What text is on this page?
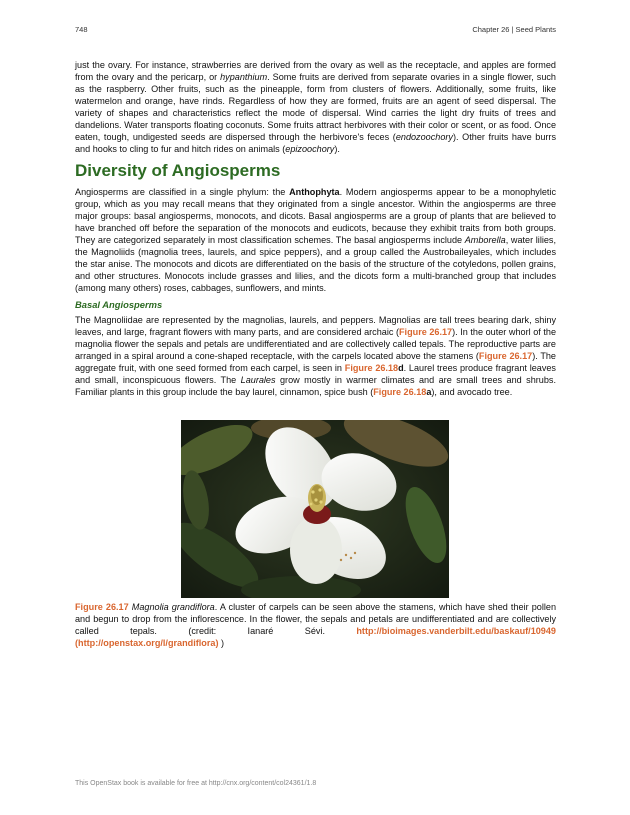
748	Chapter 26 | Seed Plants

just the ovary. For instance, strawberries are derived from the ovary as well as the receptacle, and apples are formed from the ovary and the pericarp, or hypanthium. Some fruits are derived from separate ovaries in a single flower, such as the raspberry. Other fruits, such as the pineapple, form from clusters of flowers. Additionally, some fruits, like watermelon and orange, have rinds. Regardless of how they are formed, fruits are an agent of seed dispersal. The variety of shapes and characteristics reflect the mode of dispersal. Wind carries the light dry fruits of trees and dandelions. Water transports floating coconuts. Some fruits attract herbivores with their color or scent, or as food. Once eaten, tough, undigested seeds are dispersed through the herbivore's feces (endozoochory). Other fruits have burrs and hooks to cling to fur and hitch rides on animals (epizoochory).

Diversity of Angiosperms

Angiosperms are classified in a single phylum: the Anthophyta. Modern angiosperms appear to be a monophyletic group, which as you may recall means that they originated from a single ancestor. Within the angiosperms are three major groups: basal angiosperms, monocots, and dicots. Basal angiosperms are a group of plants that are believed to have branched off before the separation of the monocots and eudicots, because they exhibit traits from both groups. They are categorized separately in most classification schemes. The basal angiosperms include Amborella, water lilies, the Magnoliids (magnolia trees, laurels, and spice peppers), and a group called the Austrobaileyales, which includes the star anise. The monocots and dicots are differentiated on the basis of the structure of the cotyledons, pollen grains, and other structures. Monocots include grasses and lilies, and the dicots form a multi-branched group that includes (among many others) roses, cabbages, sunflowers, and mints.

Basal Angiosperms

The Magnoliidae are represented by the magnolias, laurels, and peppers. Magnolias are tall trees bearing dark, shiny leaves, and large, fragrant flowers with many parts, and are considered archaic (Figure 26.17). In the outer whorl of the magnolia flower the sepals and petals are undifferentiated and are collectively called tepals. The reproductive parts are arranged in a spiral around a cone-shaped receptacle, with the carpels located above the stamens (Figure 26.17). The aggregate fruit, with one seed formed from each carpel, is seen in Figure 26.18d. Laurel trees produce fragrant leaves and small, inconspicuous flowers. The Laurales grow mostly in warmer climates and are small trees and shrubs. Familiar plants in this group include the bay laurel, cinnamon, spice bush (Figure 26.18a), and avocado tree.

Figure 26.17 Magnolia grandiflora. A cluster of carpels can be seen above the stamens, which have shed their pollen and begun to drop from the inflorescence. In the flower, the sepals and petals are undifferentiated and are collectively called tepals. (credit: Ianaré Sévi. http://bioimages.vanderbilt.edu/baskauf/10949 (http://openstax.org/l/grandiflora) )
This OpenStax book is available for free at http://cnx.org/content/col24361/1.8
